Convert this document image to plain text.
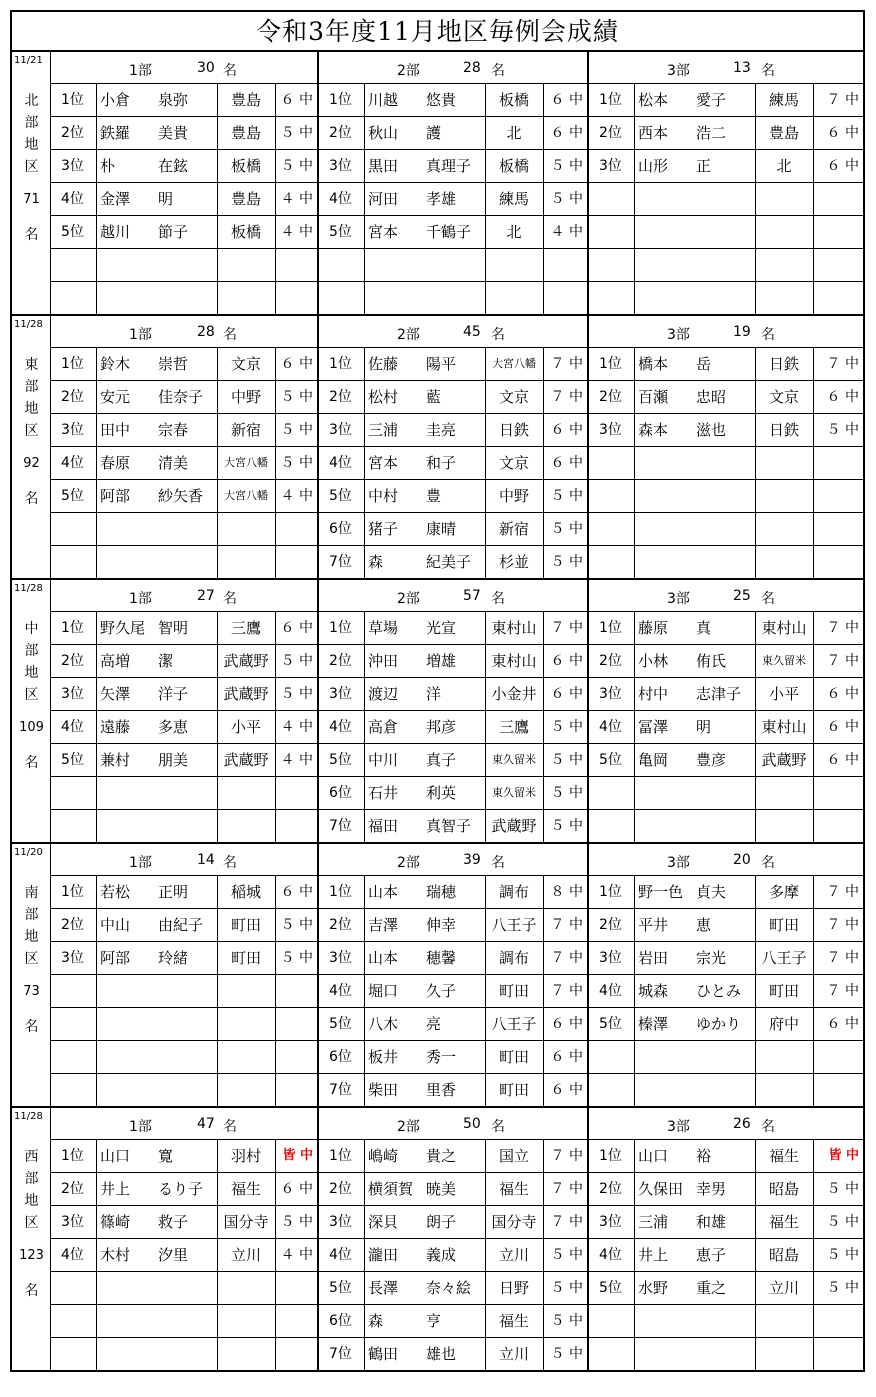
令和3年度11月地区毎例会成績
11/21
北
部
地
区
71
名
1部	30 名
1位	小倉 泉弥	豊島	６ 中
2位	鉄羅 美貴	豊島	５ 中
3位	朴	在鉉	板橋	５ 中
4位	金澤 明	豊島	４ 中
5位	越川 節子	板橋	４ 中
2部	28 名
1位	川越 悠貴	板橋	６ 中
2位	秋山 護	北	６ 中
3位	黒田 真理子	板橋	５ 中
4位	河田 孝雄	練馬	５ 中
5位	宮本 千鶴子	北	４ 中
3部	13 名
1位	松本 愛子	練馬	７ 中
2位	西本 浩二	豊島	６ 中
3位	山形 正	北	６ 中
11/28
東
部
地
区
92
名
1部	28 名
1位	鈴木 崇哲	文京	６ 中
2位	安元 佳奈子	中野	５ 中
3位	田中 宗春	新宿	５ 中
4位	春原 清美	大宮八幡 ５ 中
5位	阿部 紗矢香	大宮八幡 ４ 中
2部	45 名
1位	佐藤 陽平	大宮八幡	７ 中
2位	松村 藍	文京	７ 中
3位	三浦 圭亮	日鉄	６ 中
4位	宮本 和子	文京	６ 中
5位	中村 豊	中野	５ 中
6位	猪子 康晴	新宿	５ 中
7位	森	紀美子	杉並	５ 中
3部	19 名
1位	橋本 岳	日鉄	７ 中
2位	百瀬 忠昭	文京	６ 中
3位	森本 滋也	日鉄	５ 中
11/28
中
部
地
区
109
名
1部	27 名
1位	野久尾 智明	三鷹	６ 中
2位	高増 潔	武蔵野 ５ 中
3位	矢澤 洋子	武蔵野 ５ 中
4位	遠藤 多恵	小平	４ 中
5位	兼村 朋美	武蔵野 ４ 中
2部	57 名
1位	草場 光宣	東村山	７ 中
2位	沖田 増雄	東村山	６ 中
3位	渡辺 洋	小金井	６ 中
4位	高倉 邦彦	三鷹	５ 中
5位	中川 真子	東久留米	５ 中
6位	石井 利英	東久留米	５ 中
7位	福田 真智子	武蔵野	５ 中
3部	25 名
1位	藤原 真	東村山	７ 中
2位	小林 侑氏	東久留米	７ 中
3位	村中 志津子	小平	６ 中
4位	冨澤 明	東村山	６ 中
5位	亀岡 豊彦	武蔵野	６ 中
11/20
南
部
地
区
73
名
1部	14 名
1位	若松 正明	稲城	６ 中
2位	中山 由紀子	町田	５ 中
3位	阿部 玲緒	町田	５ 中
2部	39 名
1位	山本 瑞穂	調布	８ 中
2位	吉澤 伸幸	八王子	７ 中
3位	山本 穂馨	調布	７ 中
4位	堀口 久子	町田	７ 中
5位	八木 亮	八王子	６ 中
6位	板井 秀一	町田	６ 中
7位	柴田 里香	町田	６ 中
3部	20 名
1位	野一色 貞夫	多摩	７ 中
2位	平井 恵	町田	７ 中
3位	岩田 宗光	八王子	７ 中
4位	城森 ひとみ	町田	７ 中
5位	榛澤 ゆかり	府中	６ 中
11/28
西
部
地
区
123
名
1部	47 名
1位	山口 寛	羽村	皆 中
2位	井上 るり子	福生	６ 中
3位	篠崎 救子	国分寺 ５ 中
4位	木村 汐里	立川	４ 中
2部	50 名
1位	嶋崎 貴之	国立	７ 中
2位	横須賀 暁美	福生	７ 中
3位	深貝 朗子	国分寺	７ 中
4位	瀧田 義成	立川	５ 中
5位	長澤 奈々絵	日野	５ 中
6位	森	亨	福生	５ 中
7位	鶴田 雄也	立川	５ 中
3部	26 名
1位	山口 裕	福生	皆 中
2位	久保田 幸男	昭島	５ 中
3位	三浦 和雄	福生	５ 中
4位	井上 恵子	昭島	５ 中
5位	水野 重之	立川	５ 中
